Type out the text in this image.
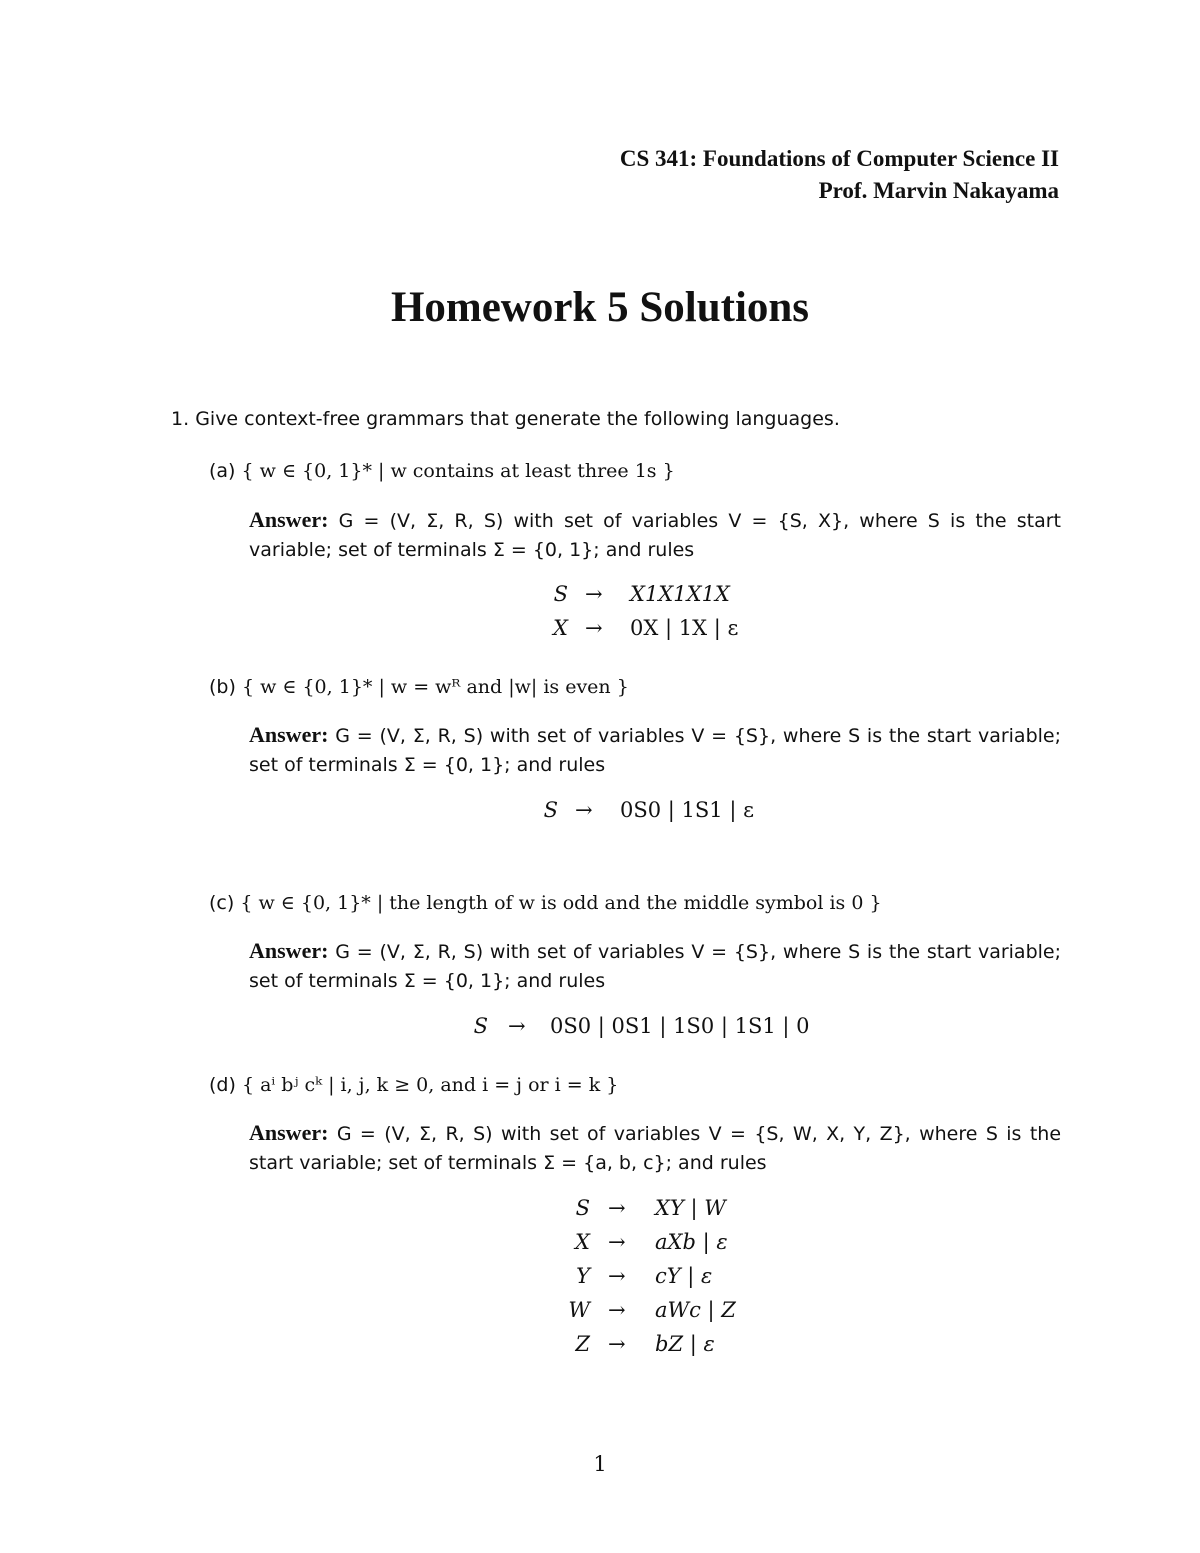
CS 341: Foundations of Computer Science II
Prof. Marvin Nakayama
Homework 5 Solutions
1. Give context-free grammars that generate the following languages.
(a) { w ∈ {0, 1}* | w contains at least three 1s }
Answer: G = (V, Σ, R, S) with set of variables V = {S, X}, where S is the start variable; set of terminals Σ = {0, 1}; and rules
S → X1X1X1X
X → 0X | 1X | ε
(b) { w ∈ {0, 1}* | w = wᴿ and |w| is even }
Answer: G = (V, Σ, R, S) with set of variables V = {S}, where S is the start variable; set of terminals Σ = {0, 1}; and rules
S → 0S0 | 1S1 | ε
(c) { w ∈ {0, 1}* | the length of w is odd and the middle symbol is 0 }
Answer: G = (V, Σ, R, S) with set of variables V = {S}, where S is the start variable; set of terminals Σ = {0, 1}; and rules
S → 0S0 | 0S1 | 1S0 | 1S1 | 0
(d) { aⁱ bʲ cᵏ | i, j, k ≥ 0, and i = j or i = k }
Answer: G = (V, Σ, R, S) with set of variables V = {S, W, X, Y, Z}, where S is the start variable; set of terminals Σ = {a, b, c}; and rules
S → XY | W
X → aXb | ε
Y → cY | ε
W → aWc | Z
Z → bZ | ε
1
